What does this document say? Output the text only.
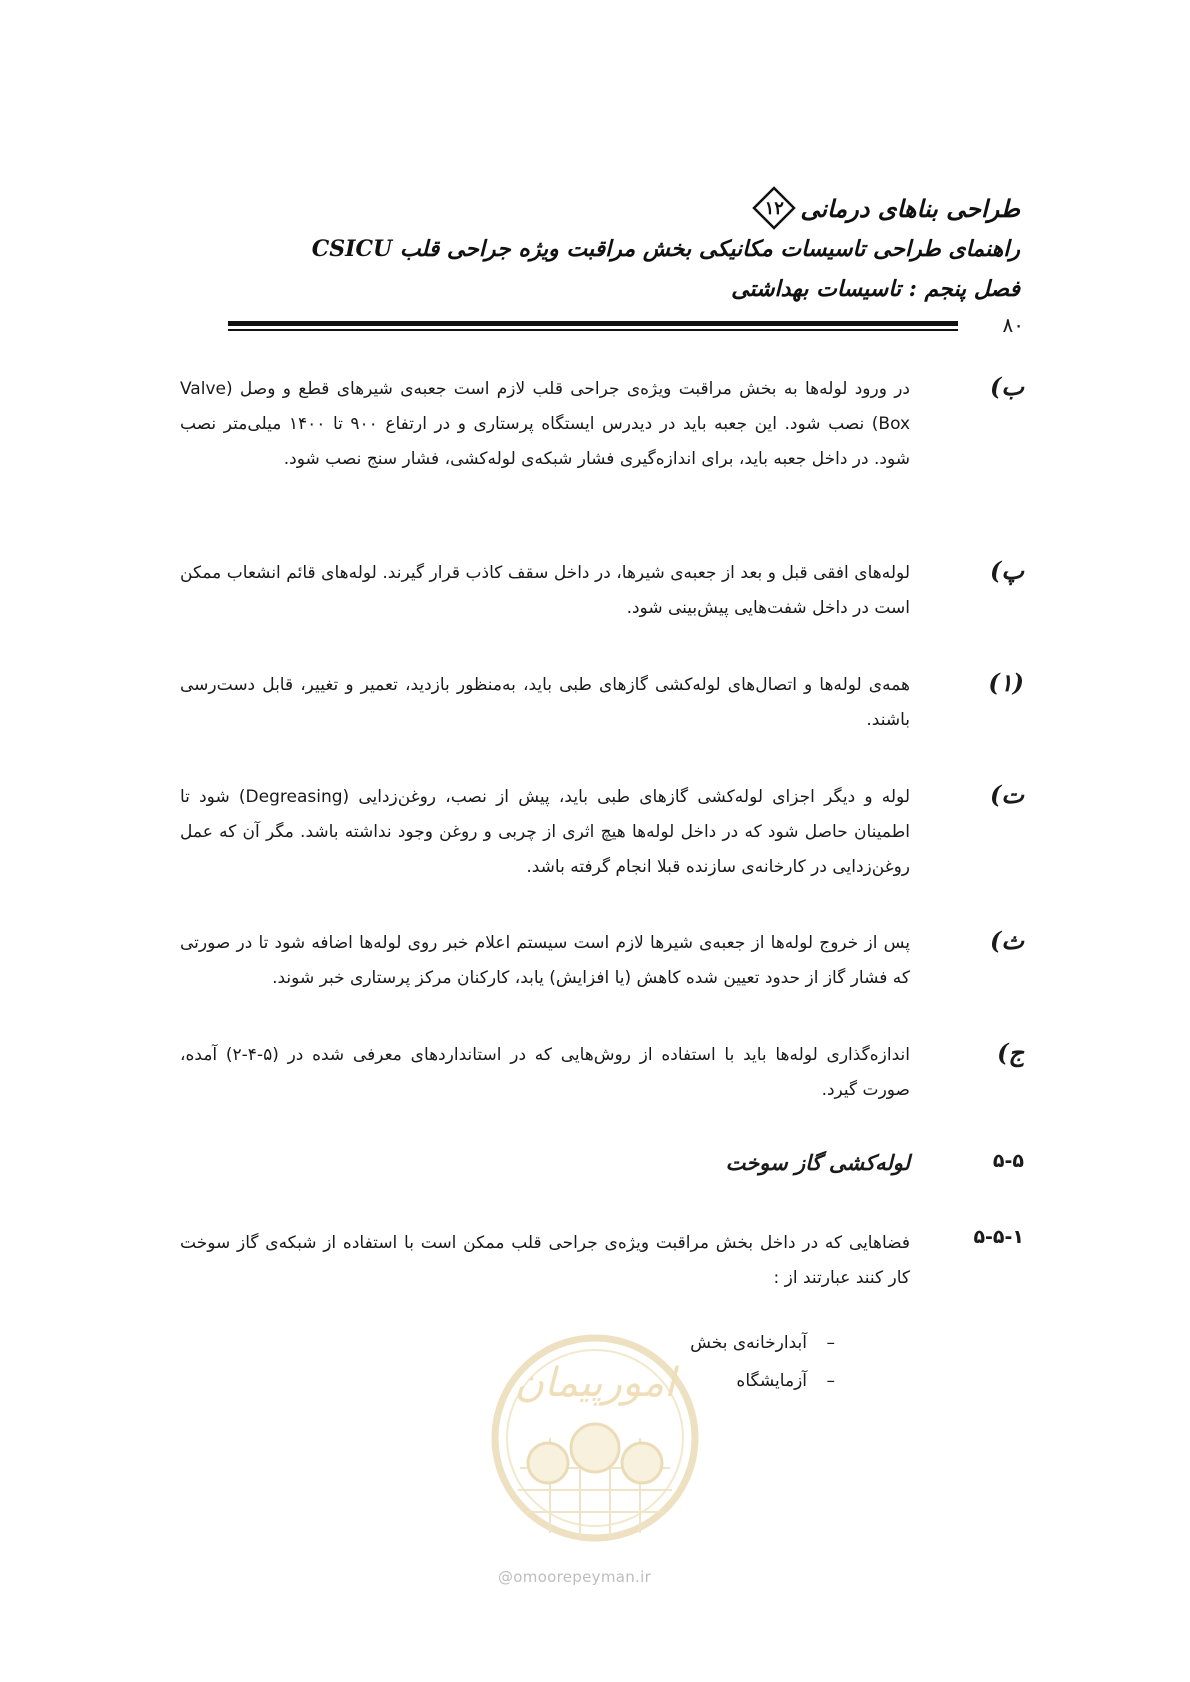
طراحی بناهای درمانی
۱۲
راهنمای طراحی تاسیسات مکانیکی بخش مراقبت ویژه جراحی قلب CSICU
فصل پنجم : تاسیسات بهداشتی
۸۰
ب)
در ورود لوله‌ها به بخش مراقبت ویژه‌ی جراحی قلب لازم است جعبه‌ی شیرهای قطع و وصل (Valve Box) نصب شود. این جعبه باید در دیدرس ایستگاه پرستاری و در ارتفاع ۹۰۰ تا ۱۴۰۰ میلی‌متر نصب شود. در داخل جعبه باید، برای اندازه‌گیری فشار شبکه‌ی لوله‌کشی، فشار سنج نصب شود.
پ)
لوله‌های افقی قبل و بعد از جعبه‌ی شیرها، در داخل سقف کاذب قرار گیرند. لوله‌های قائم انشعاب ممکن است در داخل شفت‌هایی پیش‌بینی شود.
(۱)
همه‌ی لوله‌ها و اتصال‌های لوله‌کشی گازهای طبی باید، به‌منظور بازدید، تعمیر و تغییر، قابل دست‌رسی باشند.
ت)
لوله و دیگر اجزای لوله‌کشی گازهای طبی باید، پیش از نصب، روغن‌زدایی (Degreasing) شود تا اطمینان حاصل شود که در داخل لوله‌ها هیچ اثری از چربی و روغن وجود نداشته باشد. مگر آن که عمل روغن‌زدایی در کارخانه‌ی سازنده قبلا انجام گرفته باشد.
ث)
پس از خروج لوله‌ها از جعبه‌ی شیرها لازم است سیستم اعلام خبر روی لوله‌ها اضافه شود تا در صورتی که فشار گاز از حدود تعیین شده کاهش (یا افزایش) یابد، کارکنان مرکز پرستاری خبر شوند.
ج)
اندازه‌گذاری لوله‌ها باید با استفاده از روش‌هایی که در استانداردهای معرفی شده در (۵-۴-۲) آمده، صورت گیرد.
۵-۵
لوله‌کشی گاز سوخت
۵-۵-۱
فضاهایی که در داخل بخش مراقبت ویژه‌ی جراحی قلب ممکن است با استفاده از شبکه‌ی گاز سوخت کار کنند عبارتند از :
–آبدارخانه‌ی بخش
–آزمایشگاه
امورپیمان
@omoorepeyman.ir
